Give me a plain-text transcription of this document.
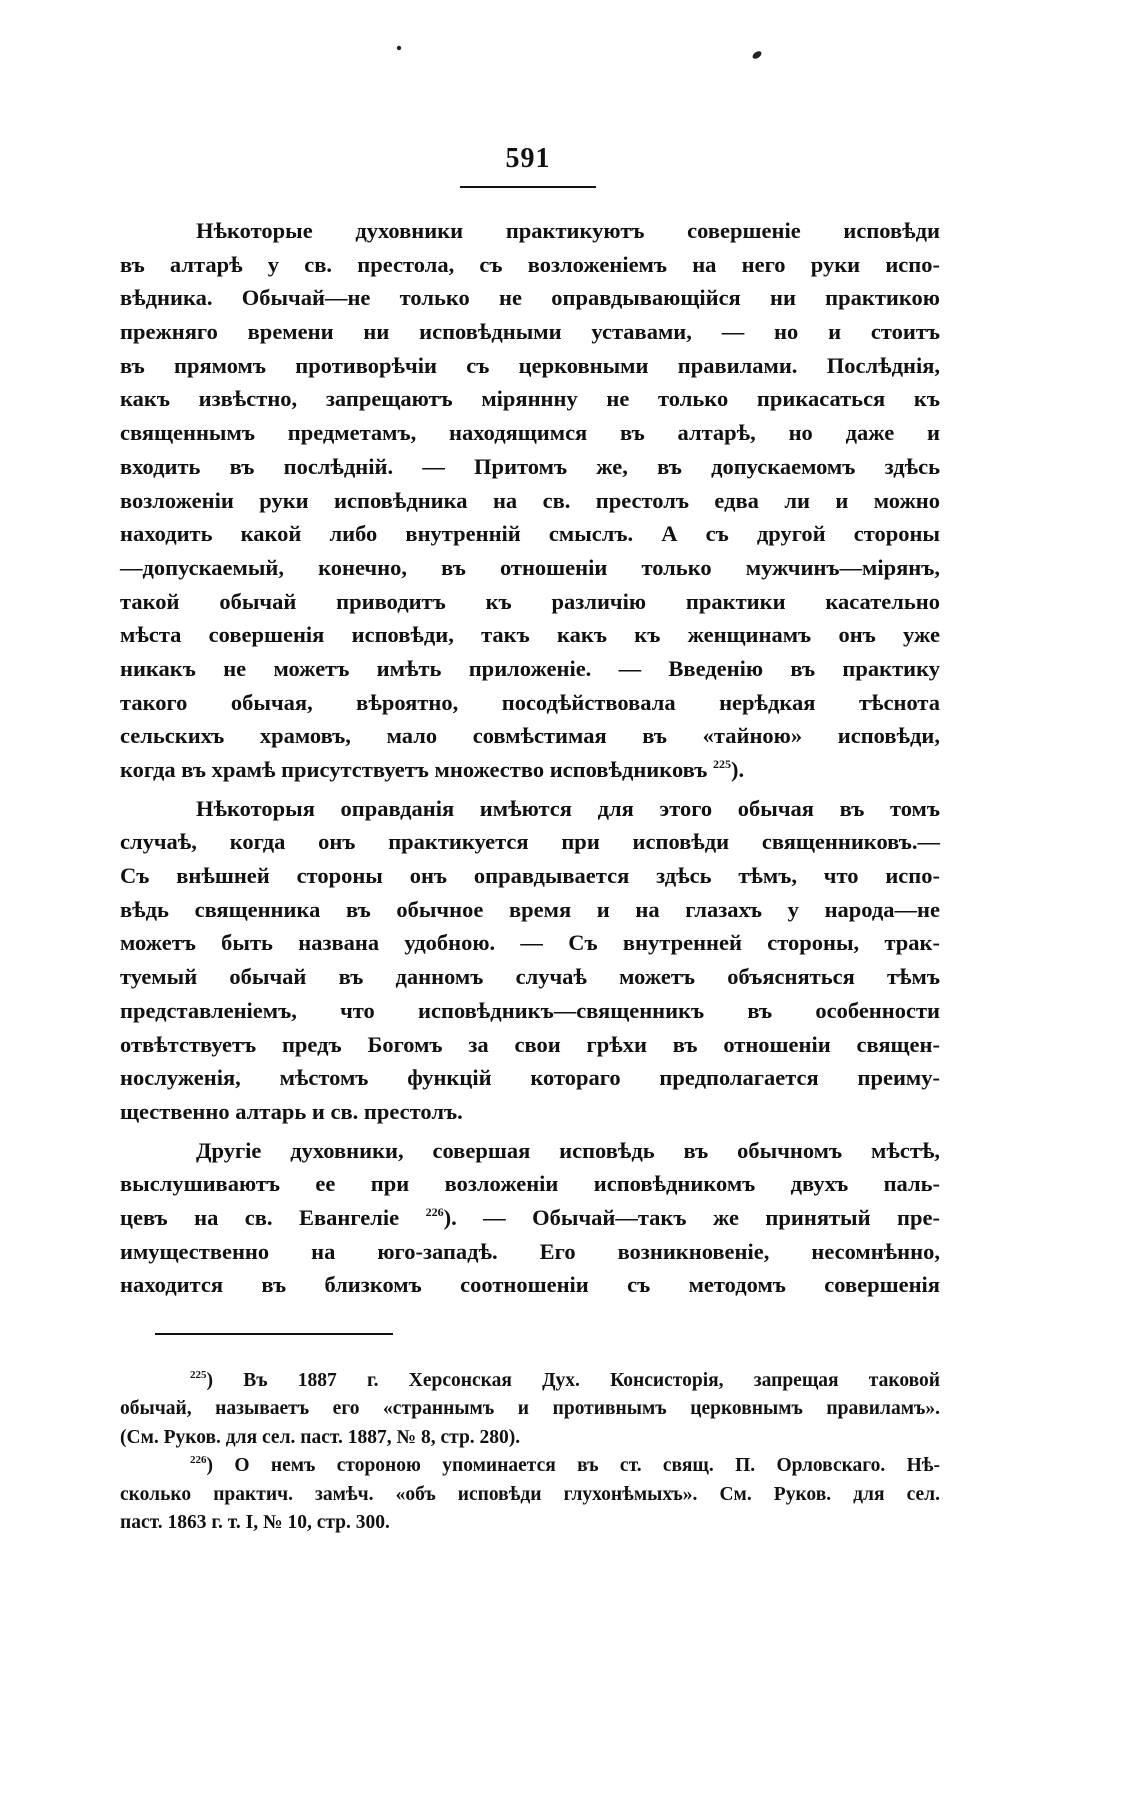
591
Нѣкоторые духовники практикуютъ совершеніе исповѣди
въ алтарѣ у св. престола, съ возложеніемъ на него руки испо-
вѣдника. Обычай—не только не оправдывающійся ни практикою
прежняго времени ни исповѣдными уставами, — но и стоитъ
въ прямомъ противорѣчіи съ церковными правилами. Послѣднія,
какъ извѣстно, запрещаютъ міряннну не только прикасаться къ
священнымъ предметамъ, находящимся въ алтарѣ, но даже и
входить въ послѣдній. — Притомъ же, въ допускаемомъ здѣсь
возложеніи руки исповѣдника на св. престолъ едва ли и можно
находить какой либо внутренній смыслъ. А съ другой стороны
—допускаемый, конечно, въ отношеніи только мужчинъ—мірянъ,
такой обычай приводитъ къ различію практики касательно
мѣста совершенія исповѣди, такъ какъ къ женщинамъ онъ уже
никакъ не можетъ имѣть приложеніе. — Введенію въ практику
такого обычая, вѣроятно, посодѣйствовала нерѣдкая тѣснота
сельскихъ храмовъ, мало совмѣстимая въ «тайною» исповѣди,
когда въ храмѣ присутствуетъ множество исповѣдниковъ $^{225}$).
Нѣкоторыя оправданія имѣются для этого обычая въ томъ
случаѣ, когда онъ практикуется при исповѣди священниковъ.—
Съ внѣшней стороны онъ оправдывается здѣсь тѣмъ, что испо-
вѣдь священника въ обычное время и на глазахъ у народа—не
можетъ быть названа удобною. — Съ внутренней стороны, трак-
туемый обычай въ данномъ случаѣ можетъ объясняться тѣмъ
представленіемъ, что исповѣдникъ—священникъ въ особенности
отвѣтствуетъ предъ Богомъ за свои грѣхи въ отношеніи священ-
нослуженія, мѣстомъ функцій котораго предполагается преиму-
щественно алтарь и св. престолъ.
Другіе духовники, совершая исповѣдь въ обычномъ мѣстѣ,
выслушиваютъ ее при возложеніи исповѣдникомъ двухъ паль-
цевъ на св. Евангеліе $^{226}$). — Обычай—такъ же принятый пре-
имущественно на юго-западѣ. Его возникновеніе, несомнѣнно,
находится въ близкомъ соотношеніи съ методомъ совершенія
$^{225}$) Въ 1887 г. Херсонская Дух. Консисторія, запрещая таковой
обычай, называетъ его «страннымъ и противнымъ церковнымъ правиламъ».
(См. Руков. для сел. паст. 1887, № 8, стр. 280).
$^{226}$) О немъ стороною упоминается въ ст. свящ. П. Орловскаго. Нѣ-
сколько практич. замѣч. «объ исповѣди глухонѣмыхъ». См. Руков. для сел.
паст. 1863 г. т. I, № 10, стр. 300.
